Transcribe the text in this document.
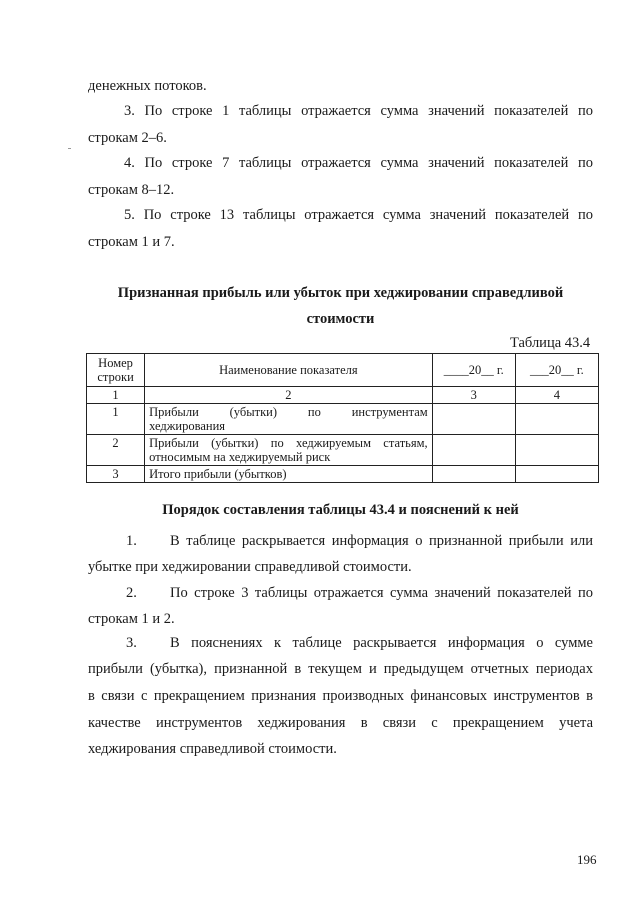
денежных потоков.

3. По строке 1 таблицы отражается сумма значений показателей по

строкам 2–6.

4. По строке 7 таблицы отражается сумма значений показателей по

строкам 8–12.

5. По строке 13 таблицы отражается сумма значений показателей по

строкам 1 и 7.

Признанная прибыль или убыток при хеджировании справедливой

стоимости

Таблица 43.4

Номер строки	Наименование показателя	____20__ г.	___20__ г.
1	2	3	4
1	Прибыли (убытки) по инструментам
хеджирования		
2	Прибыли (убытки) по хеджируемым статьям,
относимым на хеджируемый риск		
3	Итого прибыли (убытков)		

Порядок составления таблицы 43.4 и пояснений к ней

1. В таблице раскрывается информация о признанной прибыли или

убытке при хеджировании справедливой стоимости.

2. По строке 3 таблицы отражается сумма значений показателей по

строкам 1 и 2.

3. В пояснениях к таблице раскрывается информация о сумме

прибыли (убытка), признанной в текущем и предыдущем отчетных периодах

в связи с прекращением признания производных финансовых инструментов в

качестве инструментов хеджирования в связи с прекращением учета

хеджирования справедливой стоимости.

196
